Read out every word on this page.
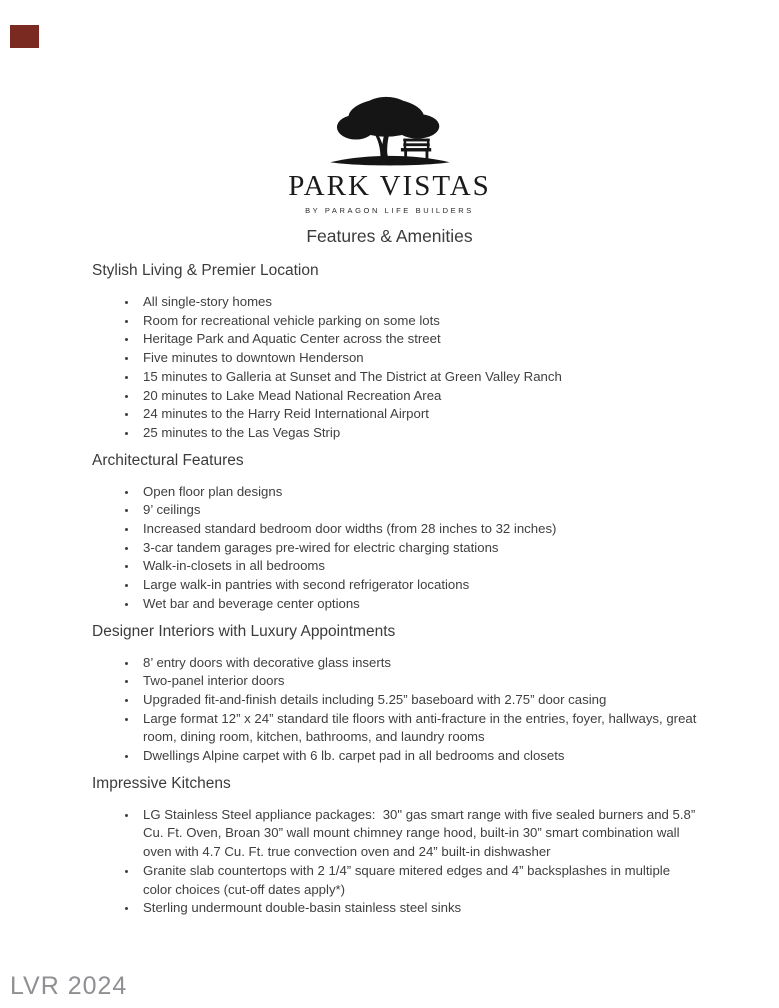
PARK VISTAS
BY PARAGON LIFE BUILDERS
Features & Amenities
Stylish Living & Premier Location
• All single-story homes
• Room for recreational vehicle parking on some lots
• Heritage Park and Aquatic Center across the street
• Five minutes to downtown Henderson
• 15 minutes to Galleria at Sunset and The District at Green Valley Ranch
• 20 minutes to Lake Mead National Recreation Area
• 24 minutes to the Harry Reid International Airport
• 25 minutes to the Las Vegas Strip
Architectural Features
• Open floor plan designs
• 9’ ceilings
• Increased standard bedroom door widths (from 28 inches to 32 inches)
• 3-car tandem garages pre-wired for electric charging stations
• Walk-in-closets in all bedrooms
• Large walk-in pantries with second refrigerator locations
• Wet bar and beverage center options
Designer Interiors with Luxury Appointments
• 8’ entry doors with decorative glass inserts
• Two-panel interior doors
• Upgraded fit-and-finish details including 5.25” baseboard with 2.75” door casing
• Large format 12” x 24” standard tile floors with anti-fracture in the entries, foyer, hallways, great room, dining room, kitchen, bathrooms, and laundry rooms
• Dwellings Alpine carpet with 6 lb. carpet pad in all bedrooms and closets
Impressive Kitchens
• LG Stainless Steel appliance packages:  30" gas smart range with five sealed burners and 5.8” Cu. Ft. Oven, Broan 30” wall mount chimney range hood, built-in 30” smart combination wall oven with 4.7 Cu. Ft. true convection oven and 24” built-in dishwasher
• Granite slab countertops with 2 1/4” square mitered edges and 4” backsplashes in multiple color choices (cut-off dates apply*)
• Sterling undermount double-basin stainless steel sinks
LVR 2024
